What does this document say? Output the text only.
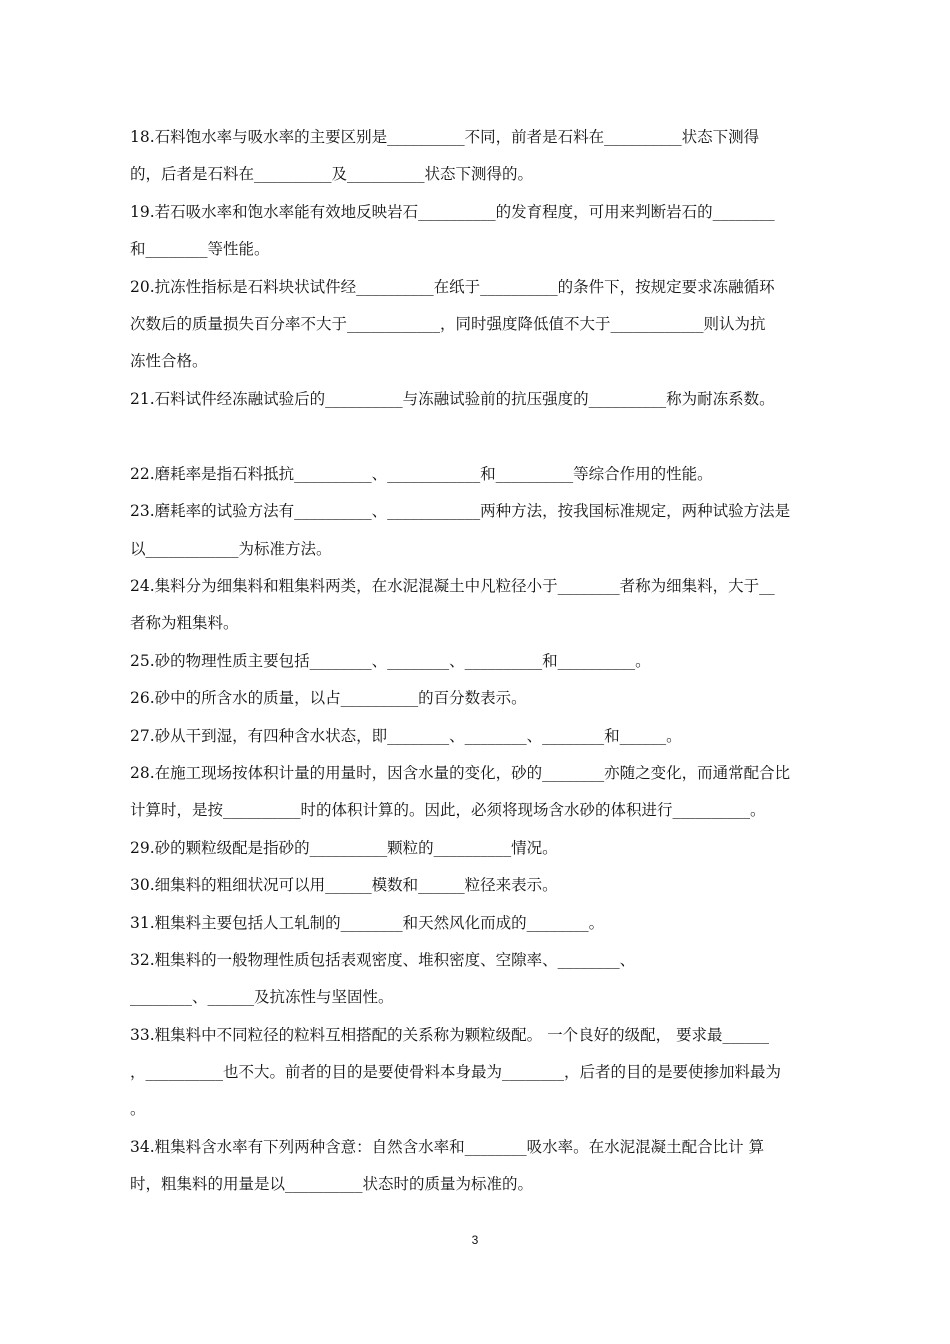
18.石料饱水率与吸水率的主要区别是__________不同，前者是石料在__________状态下测得
的，后者是石料在__________及__________状态下测得的。
19.若石吸水率和饱水率能有效地反映岩石__________的发育程度，可用来判断岩石的________
和________等性能。
20.抗冻性指标是石料块状试件经__________在纸于__________的条件下，按规定要求冻融循环
次数后的质量损失百分率不大于____________，同时强度降低值不大于____________则认为抗
冻性合格。
21.石料试件经冻融试验后的__________与冻融试验前的抗压强度的__________称为耐冻系数。
22.磨耗率是指石料抵抗__________、____________和__________等综合作用的性能。
23.磨耗率的试验方法有__________、____________两种方法，按我国标准规定，两种试验方法是
以____________为标准方法。
24.集料分为细集料和粗集料两类，在水泥混凝土中凡粒径小于________者称为细集料，大于__
者称为粗集料。
25.砂的物理性质主要包括________、________、__________和__________。
26.砂中的所含水的质量，以占__________的百分数表示。
27.砂从干到湿，有四种含水状态，即________、________、________和______。
28.在施工现场按体积计量的用量时，因含水量的变化，砂的________亦随之变化，而通常配合比
计算时，是按__________时的体积计算的。因此，必须将现场含水砂的体积进行__________。
29.砂的颗粒级配是指砂的__________颗粒的__________情况。
30.细集料的粗细状况可以用______模数和______粒径来表示。
31.粗集料主要包括人工轧制的________和天然风化而成的________。
32.粗集料的一般物理性质包括表观密度、堆积密度、空隙率、________、
________、______及抗冻性与坚固性。
33.粗集料中不同粒径的粒料互相搭配的关系称为颗粒级配。 一个良好的级配， 要求最______
，__________也不大。前者的目的是要使骨料本身最为________，后者的目的是要使掺加料最为
。
34.粗集料含水率有下列两种含意：自然含水率和________吸水率。在水泥混凝土配合比计 算
时，粗集料的用量是以__________状态时的质量为标准的。
3
